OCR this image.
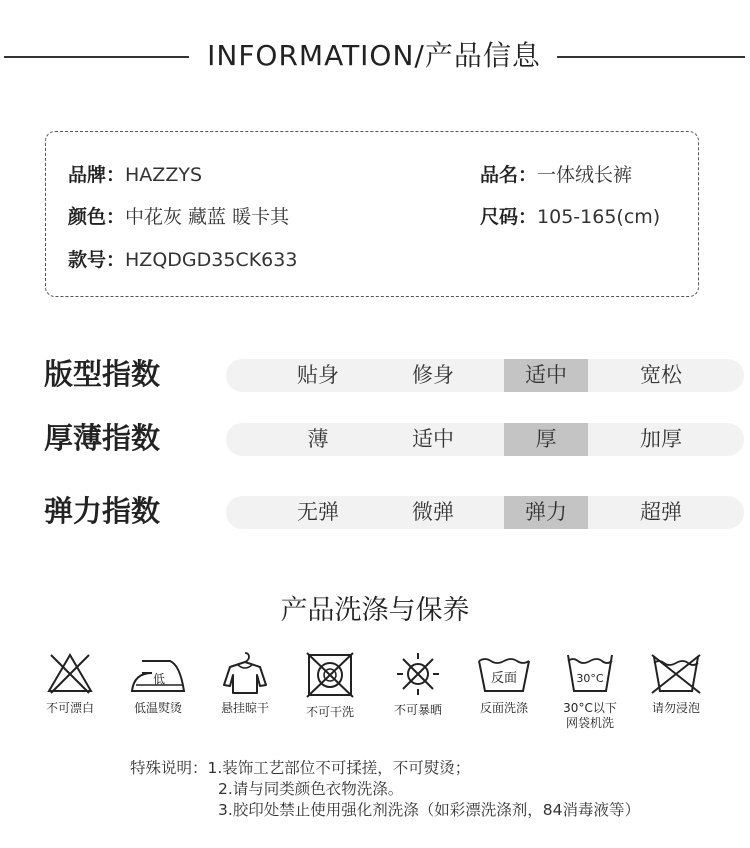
INFORMATION/产品信息
品牌：HAZZYS
颜色：中花灰 藏蓝 暖卡其
款号：HZQDGD35CK633
品名：一体绒长裤
尺码：105-165(cm)
版型指数	贴身	修身	适中	宽松
厚薄指数	薄	适中	厚	加厚
弹力指数	无弹	微弹	弹力	超弹
产品洗涤与保养
不可漂白
低
低温熨烫	悬挂晾干	不可干洗	不可暴晒
反面
反面洗涤
30°C
30°C以下
网袋机洗
请勿浸泡
特殊说明：1.装饰工艺部位不可揉搓，不可熨烫；
2.请与同类颜色衣物洗涤。
3.胶印处禁止使用强化剂洗涤（如彩漂洗涤剂，84消毒液等）
